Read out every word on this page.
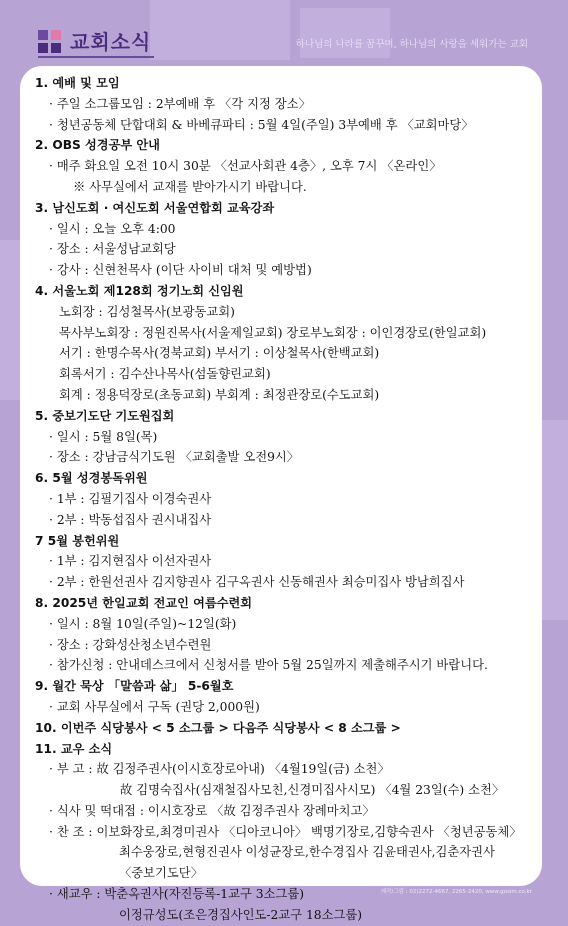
교회소식	하나님의 나라를 꿈꾸며, 하나님의 사랑을 세워가는 교회
1. 예배 및 모임
· 주일 소그룹모임 : 2부예배 후 〈각 지정 장소〉
· 청년공동체 단합대회 & 바베큐파티 : 5월 4일(주일) 3부예배 후 〈교회마당〉
2. OBS 성경공부 안내
· 매주 화요일 오전 10시 30분 〈선교사회관 4층〉, 오후 7시 〈온라인〉
※ 사무실에서 교재를 받아가시기 바랍니다.
3. 남신도회 · 여신도회 서울연합회 교육강좌
· 일시 : 오늘 오후 4:00
· 장소 : 서울성남교회당
· 강사 : 신현천목사 (이단 사이비 대처 및 예방법)
4. 서울노회 제128회 정기노회 신임원
노회장 : 김성철목사(보광동교회)
목사부노회장 : 정원진목사(서울제일교회) 장로부노회장 : 이인경장로(한일교회)
서기 : 한명수목사(경북교회) 부서기 : 이상철목사(한백교회)
회록서기 : 김수산나목사(섬돌향린교회)
회계 : 정용덕장로(초동교회) 부회계 : 최정관장로(수도교회)
5. 중보기도단 기도원집회
· 일시 : 5월 8일(목)
· 장소 : 강남금식기도원 〈교회출발 오전9시〉
6. 5월 성경봉독위원
· 1부 : 김필기집사 이경숙권사
· 2부 : 박동섭집사 권시내집사
7 5월 봉헌위원
· 1부 : 김지현집사 이선자권사
· 2부 : 한원선권사 김지향권사 김구옥권사 신동해권사 최승미집사 방남희집사
8. 2025년 한일교회 전교인 여름수련회
· 일시 : 8월 10일(주일)~12일(화)
· 장소 : 강화성산청소년수련원
· 참가신청 : 안내데스크에서 신청서를 받아 5월 25일까지 제출해주시기 바랍니다.
9. 월간 묵상 「말씀과 삶」 5-6월호
· 교회 사무실에서 구독 (권당 2,000원)
10. 이번주 식당봉사 < 5 소그룹 > 다음주 식당봉사 < 8 소그룹 >
11. 교우 소식
· 부 고 : 故 김정주권사(이시호장로아내) 〈4월19일(금) 소천〉
故 김명숙집사(심재철집사모친,신경미집사시모) 〈4월 23일(수) 소천〉
· 식사 및 떡대접 : 이시호장로 〈故 김정주권사 장례마치고〉
· 찬 조 : 이보화장로,최경미권사 〈디아코니아〉 백명기장로,김향숙권사 〈청년공동체〉
최수웅장로,현형진권사 이성균장로,한수경집사 김윤태권사,김춘자권사
〈중보기도단〉
· 새교우 : 박춘옥권사(자진등록-1교구 3소그룹)
이정규성도(조은경집사인도-2교구 18소그룹)
제작/그림 : 02)2272-4667, 2265-2420, www.gosim.co.kr
